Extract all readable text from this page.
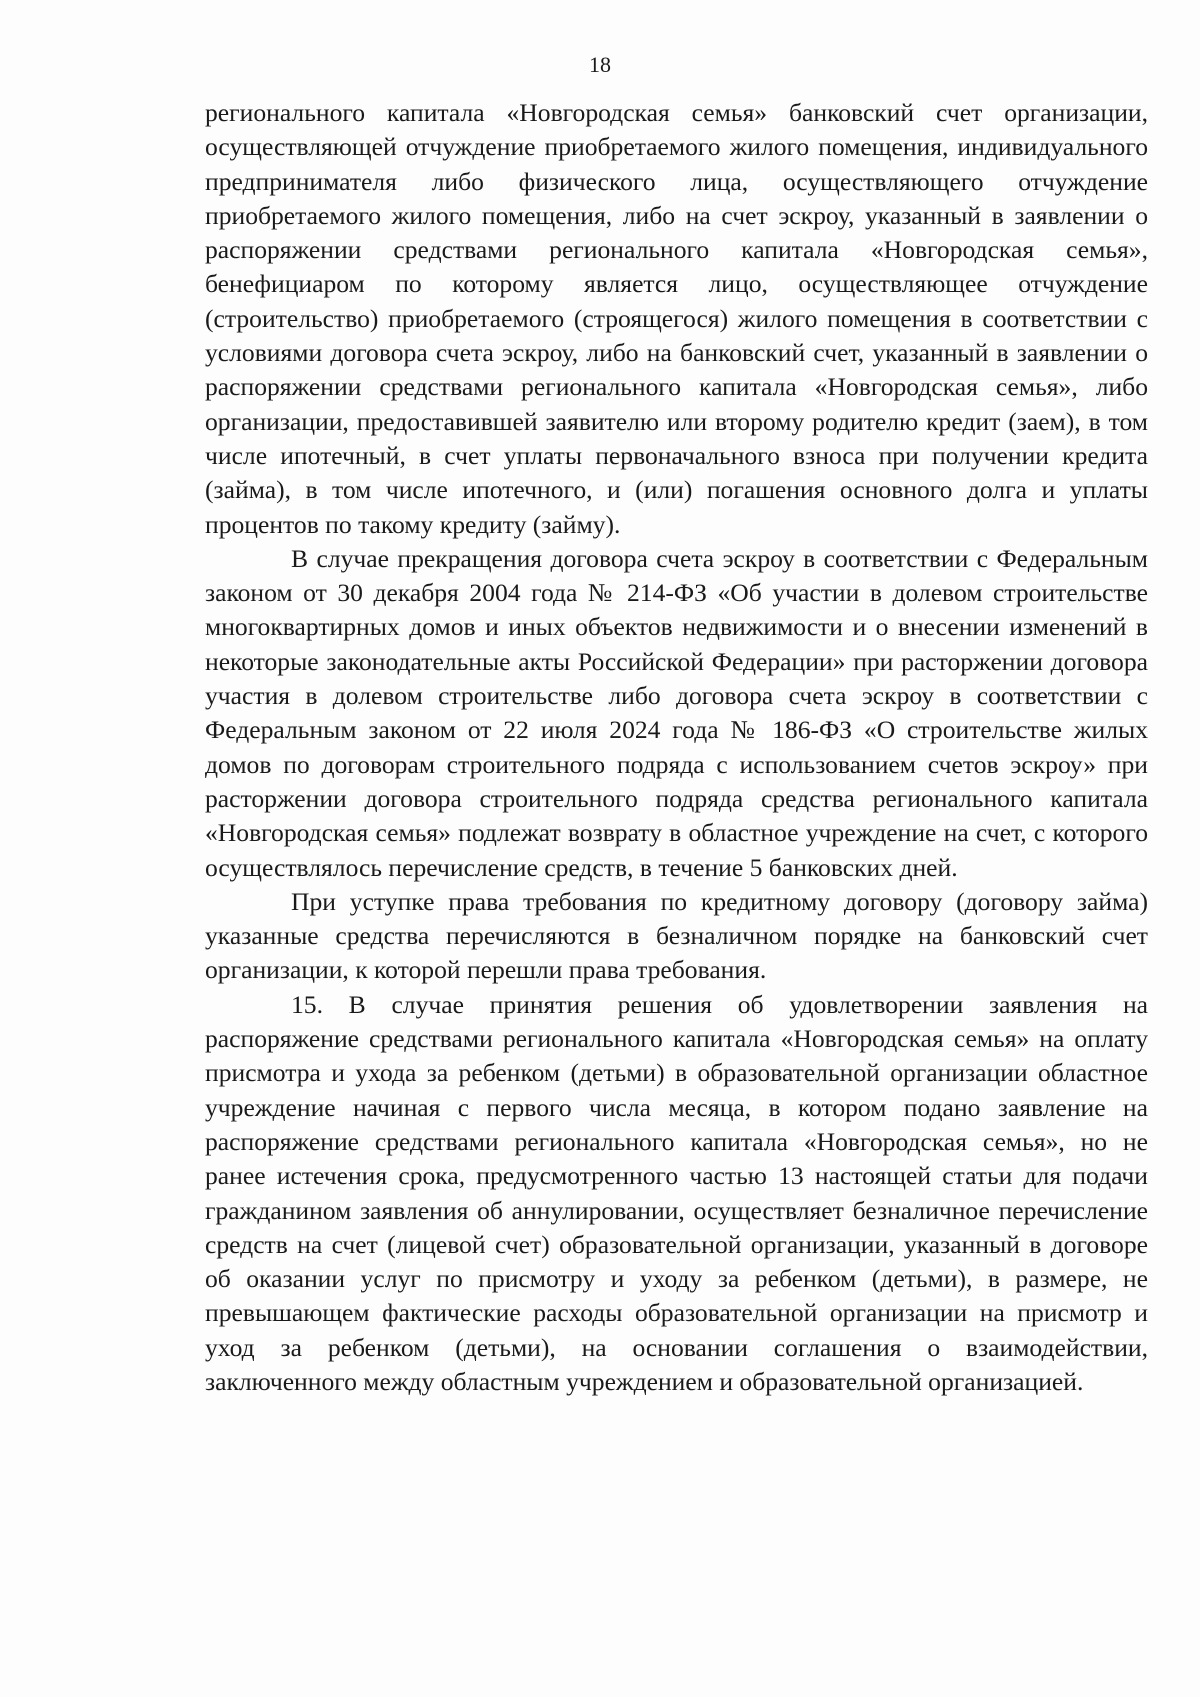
18

регионального капитала «Новгородская семья» банковский счет организации, осуществляющей отчуждение приобретаемого жилого помещения, индивидуального предпринимателя либо физического лица, осуществляющего отчуждение приобретаемого жилого помещения, либо на счет эскроу, указанный в заявлении о распоряжении средствами регионального капитала «Новгородская семья», бенефициаром по которому является лицо, осуществляющее отчуждение (строительство) приобретаемого (строящегося) жилого помещения в соответствии с условиями договора счета эскроу, либо на банковский счет, указанный в заявлении о распоряжении средствами регионального капитала «Новгородская семья», либо организации, предоставившей заявителю или второму родителю кредит (заем), в том числе ипотечный, в счет уплаты первоначального взноса при получении кредита (займа), в том числе ипотечного, и (или) погашения основного долга и уплаты процентов по такому кредиту (займу).

В случае прекращения договора счета эскроу в соответствии с Федеральным законом от 30 декабря 2004 года № 214-ФЗ «Об участии в долевом строительстве многоквартирных домов и иных объектов недвижимости и о внесении изменений в некоторые законодательные акты Российской Федерации» при расторжении договора участия в долевом строительстве либо договора счета эскроу в соответствии с Федеральным законом от 22 июля 2024 года № 186-ФЗ «О строительстве жилых домов по договорам строительного подряда с использованием счетов эскроу» при расторжении договора строительного подряда средства регионального капитала «Новгородская семья» подлежат возврату в областное учреждение на счет, с которого осуществлялось перечисление средств, в течение 5 банковских дней.

При уступке права требования по кредитному договору (договору займа) указанные средства перечисляются в безналичном порядке на банковский счет организации, к которой перешли права требования.

15. В случае принятия решения об удовлетворении заявления на распоряжение средствами регионального капитала «Новгородская семья» на оплату присмотра и ухода за ребенком (детьми) в образовательной организации областное учреждение начиная с первого числа месяца, в котором подано заявление на распоряжение средствами регионального капитала «Новгородская семья», но не ранее истечения срока, предусмотренного частью 13 настоящей статьи для подачи гражданином заявления об аннулировании, осуществляет безналичное перечисление средств на счет (лицевой счет) образовательной организации, указанный в договоре об оказании услуг по присмотру и уходу за ребенком (детьми), в размере, не превышающем фактические расходы образовательной организации на присмотр и уход за ребенком (детьми), на основании соглашения о взаимодействии, заключенного между областным учреждением и образовательной организацией.
